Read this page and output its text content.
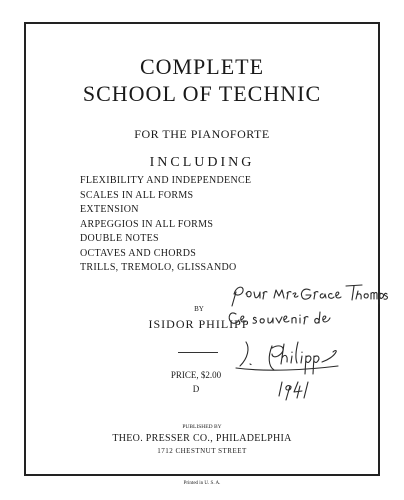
COMPLETE
SCHOOL OF TECHNIC
FOR THE PIANOFORTE
INCLUDING
FLEXIBILITY AND INDEPENDENCE
SCALES IN ALL FORMS
EXTENSION
ARPEGGIOS IN ALL FORMS
DOUBLE NOTES
OCTAVES AND CHORDS
TRILLS, TREMOLO, GLISSANDO
BY
ISIDOR PHILIPP
PRICE, $2.00
D
PUBLISHED BY
THEO. PRESSER CO., PHILADELPHIA
1712 CHESTNUT STREET
Printed in U. S. A.
